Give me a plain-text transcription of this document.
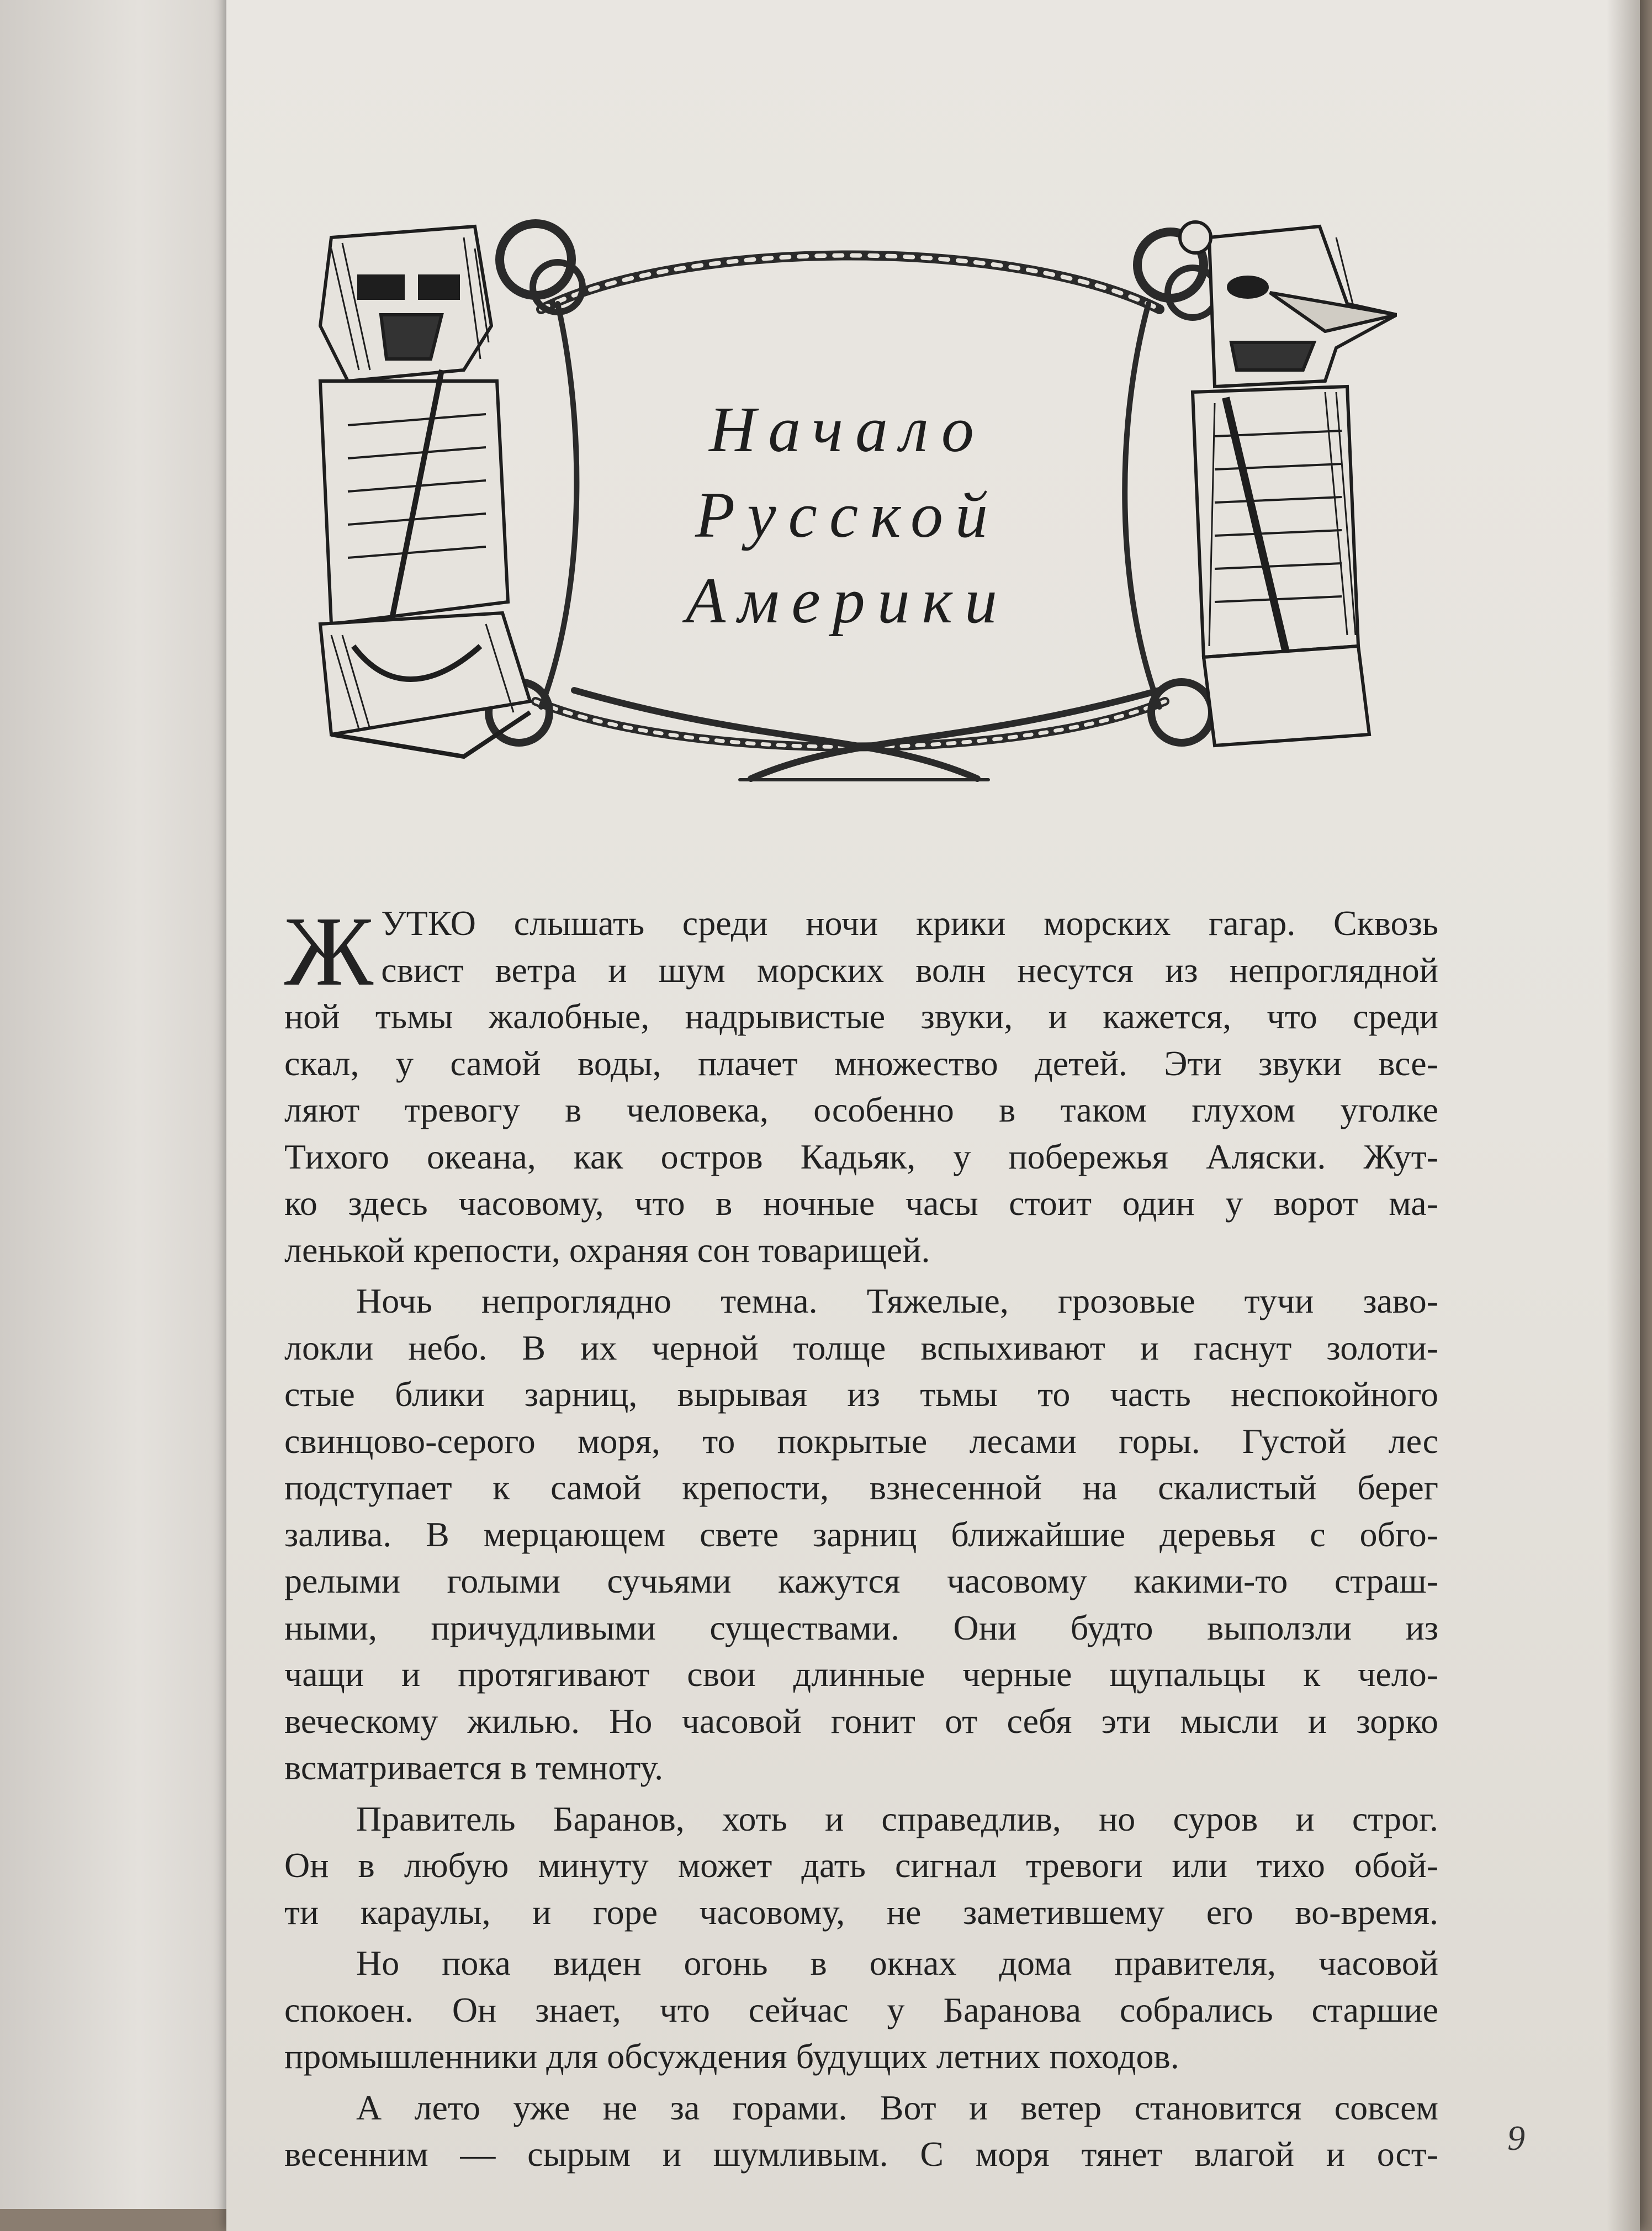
Начало
Русской
Америки

Ж УТКО слышать среди ночи крики морских гагар. Сквозь
свист ветра и шум морских волн несутся из непроглядной
ной тьмы жалобные, надрывистые звуки, и кажется, что среди
скал, у самой воды, плачет множество детей. Эти звуки все-
ляют тревогу в человека, особенно в таком глухом уголке
Тихого океана, как остров Кадьяк, у побережья Аляски. Жут-
ко здесь часовому, что в ночные часы стоит один у ворот ма-
ленькой крепости, охраняя сон товарищей.

Ночь непроглядно темна. Тяжелые, грозовые тучи заво-
локли небо. В их черной толще вспыхивают и гаснут золоти-
стые блики зарниц, вырывая из тьмы то часть неспокойного
свинцово-серого моря, то покрытые лесами горы. Густой лес
подступает к самой крепости, взнесенной на скалистый берег
залива. В мерцающем свете зарниц ближайшие деревья с обго-
релыми голыми сучьями кажутся часовому какими-то страш-
ными, причудливыми существами. Они будто выползли из
чащи и протягивают свои длинные черные щупальцы к чело-
веческому жилью. Но часовой гонит от себя эти мысли и зорко
всматривается в темноту.

Правитель Баранов, хоть и справедлив, но суров и строг.
Он в любую минуту может дать сигнал тревоги или тихо обой-
ти караулы, и горе часовому, не заметившему его во-время.

Но пока виден огонь в окнах дома правителя, часовой
спокоен. Он знает, что сейчас у Баранова собрались старшие
промышленники для обсуждения будущих летних походов.

А лето уже не за горами. Вот и ветер становится совсем
весенним — сырым и шумливым. С моря тянет влагой и ост- 9
